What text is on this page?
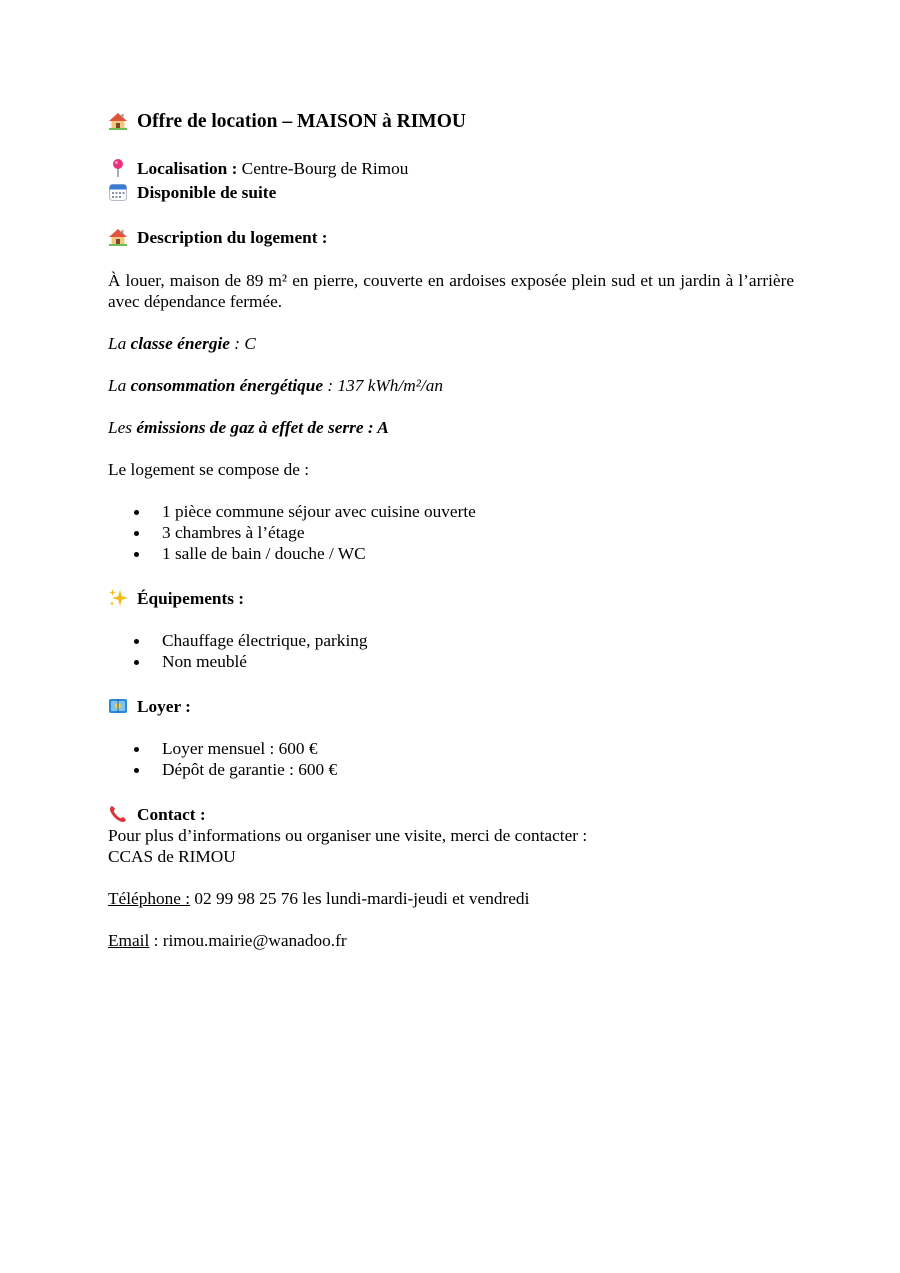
Offre de location – MAISON à RIMOU
Localisation : Centre-Bourg de Rimou
Disponible de suite
Description du logement :
À louer, maison de 89 m² en pierre, couverte en ardoises exposée plein sud et un jardin à l’arrière avec dépendance fermée.
La classe énergie : C
La consommation énergétique : 137 kWh/m²/an
Les émissions de gaz à effet de serre : A
Le logement se compose de :
1 pièce commune séjour avec cuisine ouverte
3 chambres à l’étage
1 salle de bain / douche / WC
Équipements :
Chauffage électrique, parking
Non meublé
Loyer :
Loyer mensuel : 600 €
Dépôt de garantie : 600 €
Contact :
Pour plus d’informations ou organiser une visite, merci de contacter :
CCAS de RIMOU
Téléphone : 02 99 98 25 76 les lundi-mardi-jeudi et vendredi
Email : rimou.mairie@wanadoo.fr
